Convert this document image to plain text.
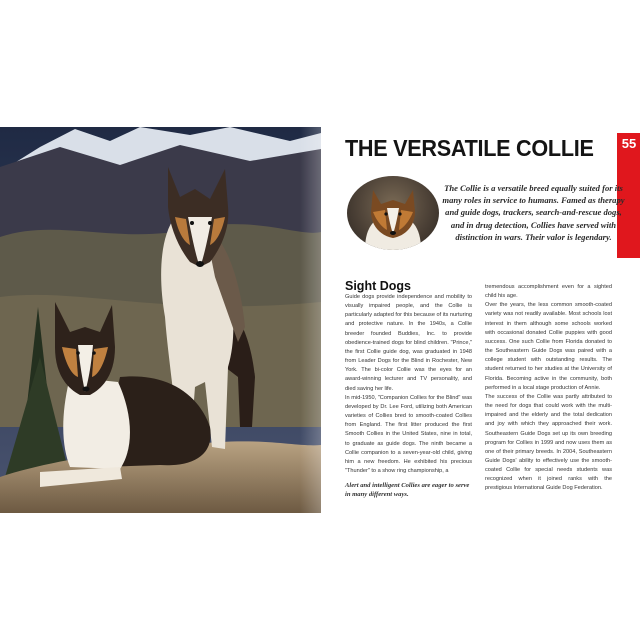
THE VERSATILE COLLIE	55

The Collie is a versatile breed equally suited for its many roles in service to humans. Famed as therapy and guide dogs, trackers, search-and-rescue dogs, and in drug detection, Collies have served with distinction in wars. Their valor is legendary.

Sight Dogs

Guide dogs provide independence and mobility to visually impaired people, and the Collie is particularly adapted for this because of its nurturing and protective nature. In the 1940s, a Collie breeder founded Buddies, Inc. to provide obedience-trained dogs for blind children. "Prince," the first Collie guide dog, was graduated in 1948 from Leader Dogs for the Blind in Rochester, New York. The bi-color Collie was the eyes for an award-winning lecturer and TV personality, and died saving her life.
In mid-1950, "Companion Collies for the Blind" was developed by Dr. Lee Ford, utilizing both American varieties of Collies bred to smooth-coated Collies from England. The first litter produced the first Smooth Collies in the United States, nine in total, to graduate as guide dogs. The ninth became a Collie companion to a seven-year-old child, giving him a new freedom. He exhibited his precious "Thunder" to a show ring championship, a

tremendous accomplishment even for a sighted child his age.
Over the years, the less common smooth-coated variety was not readily available. Most schools lost interest in them although some schools worked with occasional donated Collie puppies with good success. One such Collie from Florida donated to the Southeastern Guide Dogs was paired with a college student with outstanding results. The student returned to her studies at the University of Florida. Becoming active in the community, both performed in a local stage production of Annie.
The success of the Collie was partly attributed to the need for dogs that could work with the multi-impaired and the elderly and the total dedication and joy with which they approached their work. Southeastern Guide Dogs set up its own breeding program for Collies in 1999 and now uses them as one of their primary breeds. In 2004, Southeastern Guide Dogs' ability to effectively use the smooth-coated Collie for special needs students was recognized when it joined ranks with the prestigious International Guide Dog Federation.

Alert and intelligent Collies are eager to serve in many different ways.
